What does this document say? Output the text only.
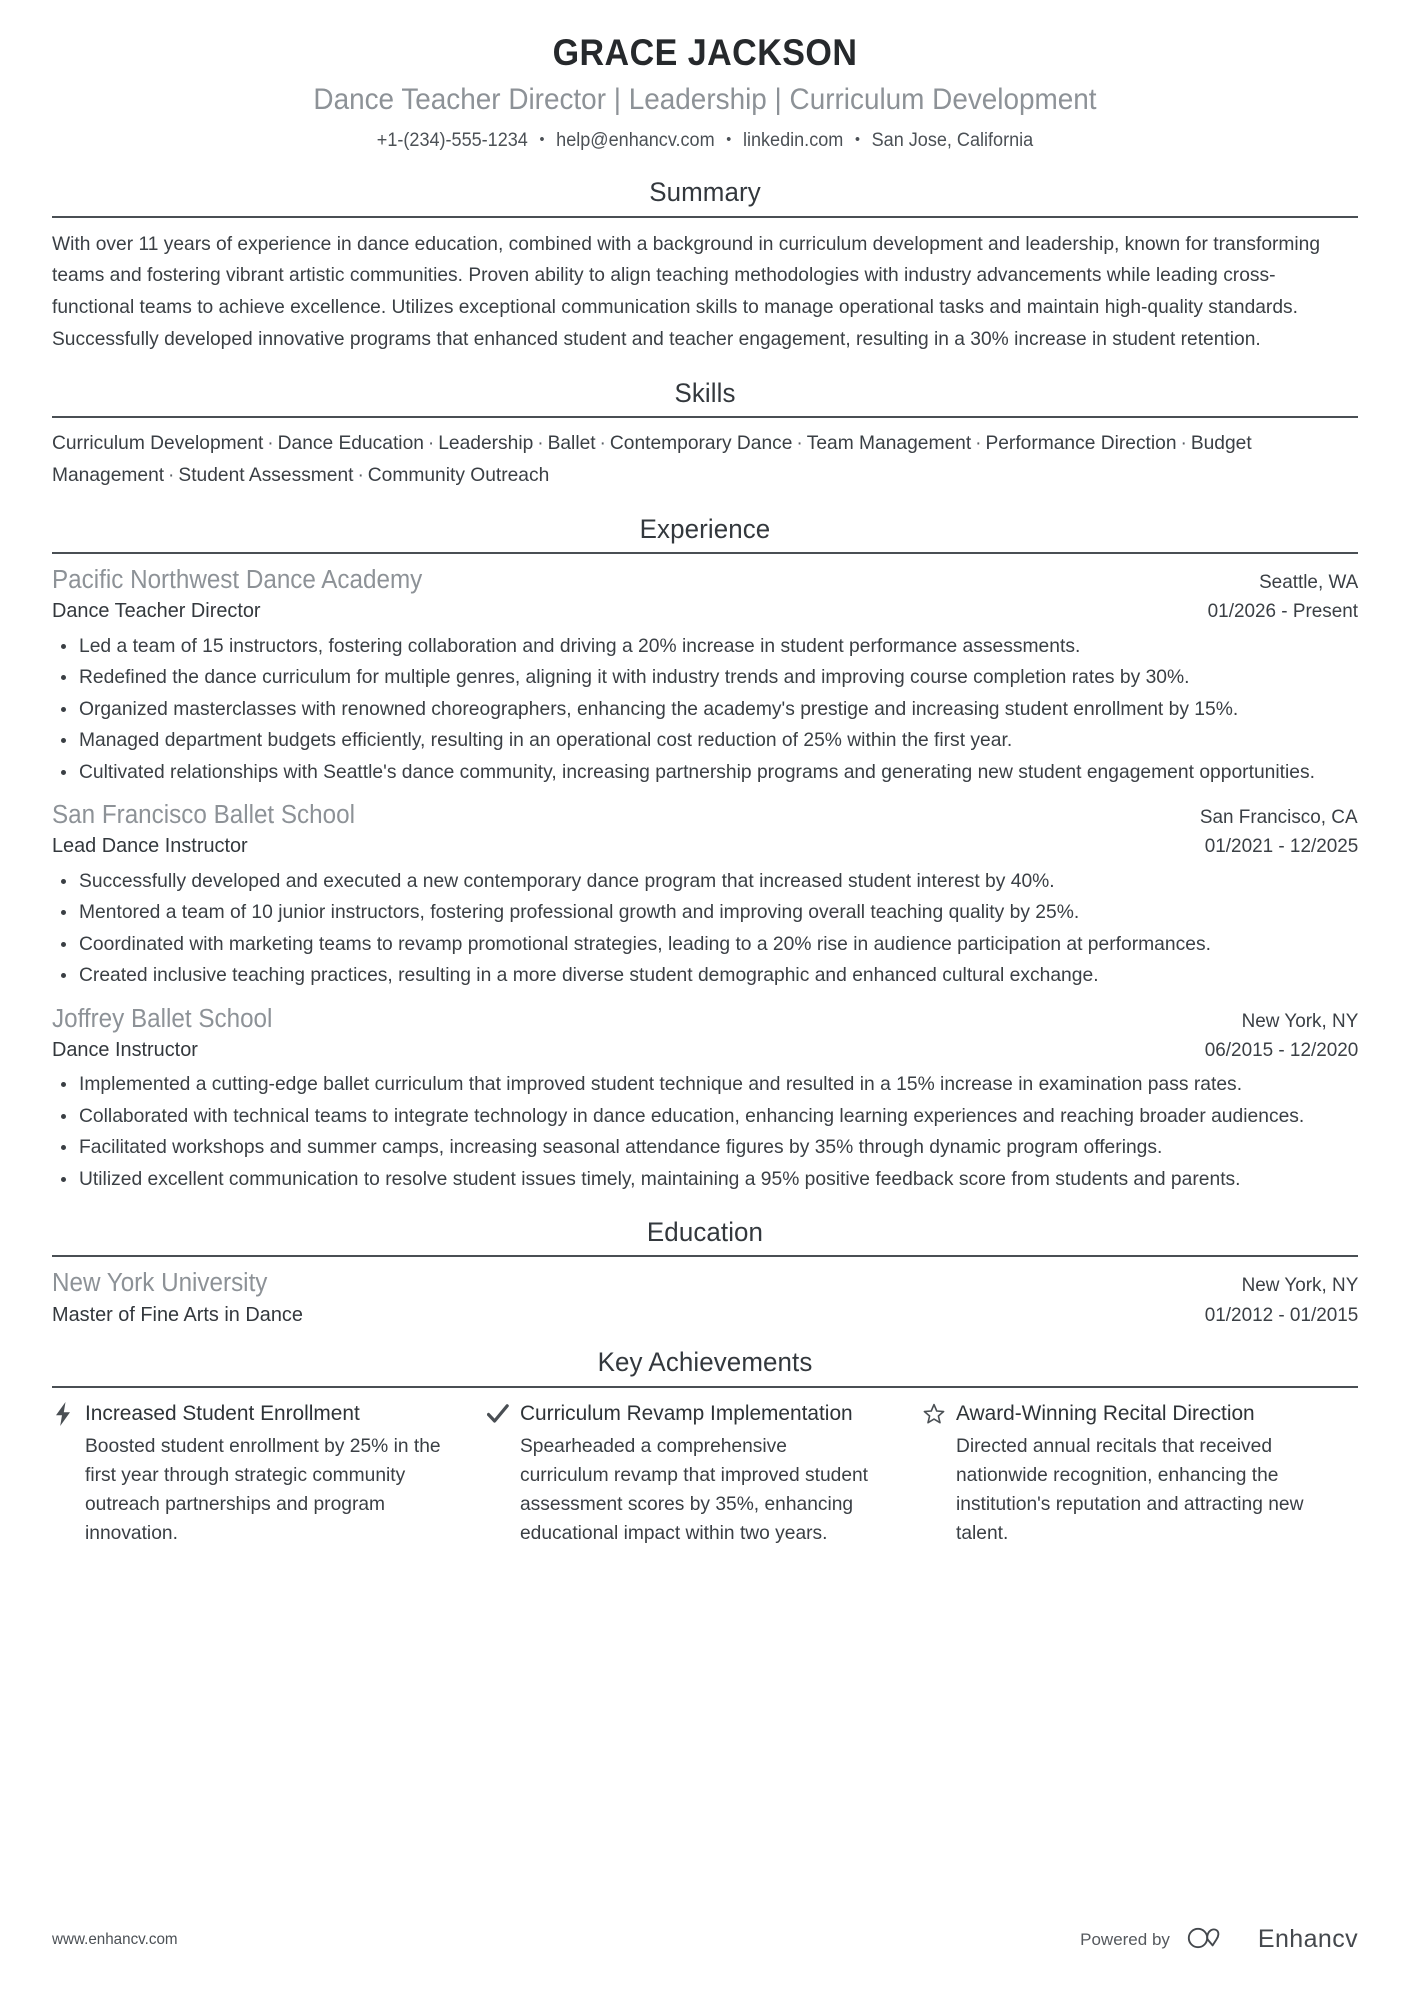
GRACE JACKSON
Dance Teacher Director | Leadership | Curriculum Development
+1-(234)-555-1234 • help@enhancv.com • linkedin.com • San Jose, California
Summary
With over 11 years of experience in dance education, combined with a background in curriculum development and leadership, known for transforming teams and fostering vibrant artistic communities. Proven ability to align teaching methodologies with industry advancements while leading cross-functional teams to achieve excellence. Utilizes exceptional communication skills to manage operational tasks and maintain high-quality standards. Successfully developed innovative programs that enhanced student and teacher engagement, resulting in a 30% increase in student retention.
Skills
Curriculum Development · Dance Education · Leadership · Ballet · Contemporary Dance · Team Management · Performance Direction · Budget Management · Student Assessment · Community Outreach
Experience
Pacific Northwest Dance Academy	Seattle, WA
Dance Teacher Director	01/2026 - Present
Led a team of 15 instructors, fostering collaboration and driving a 20% increase in student performance assessments.
Redefined the dance curriculum for multiple genres, aligning it with industry trends and improving course completion rates by 30%.
Organized masterclasses with renowned choreographers, enhancing the academy's prestige and increasing student enrollment by 15%.
Managed department budgets efficiently, resulting in an operational cost reduction of 25% within the first year.
Cultivated relationships with Seattle's dance community, increasing partnership programs and generating new student engagement opportunities.
San Francisco Ballet School	San Francisco, CA
Lead Dance Instructor	01/2021 - 12/2025
Successfully developed and executed a new contemporary dance program that increased student interest by 40%.
Mentored a team of 10 junior instructors, fostering professional growth and improving overall teaching quality by 25%.
Coordinated with marketing teams to revamp promotional strategies, leading to a 20% rise in audience participation at performances.
Created inclusive teaching practices, resulting in a more diverse student demographic and enhanced cultural exchange.
Joffrey Ballet School	New York, NY
Dance Instructor	06/2015 - 12/2020
Implemented a cutting-edge ballet curriculum that improved student technique and resulted in a 15% increase in examination pass rates.
Collaborated with technical teams to integrate technology in dance education, enhancing learning experiences and reaching broader audiences.
Facilitated workshops and summer camps, increasing seasonal attendance figures by 35% through dynamic program offerings.
Utilized excellent communication to resolve student issues timely, maintaining a 95% positive feedback score from students and parents.
Education
New York University	New York, NY
Master of Fine Arts in Dance	01/2012 - 01/2015
Key Achievements
Increased Student Enrollment
Boosted student enrollment by 25% in the first year through strategic community outreach partnerships and program innovation.
Curriculum Revamp Implementation
Spearheaded a comprehensive curriculum revamp that improved student assessment scores by 35%, enhancing educational impact within two years.
Award-Winning Recital Direction
Directed annual recitals that received nationwide recognition, enhancing the institution's reputation and attracting new talent.
www.enhancv.com	Powered by	Enhancv
